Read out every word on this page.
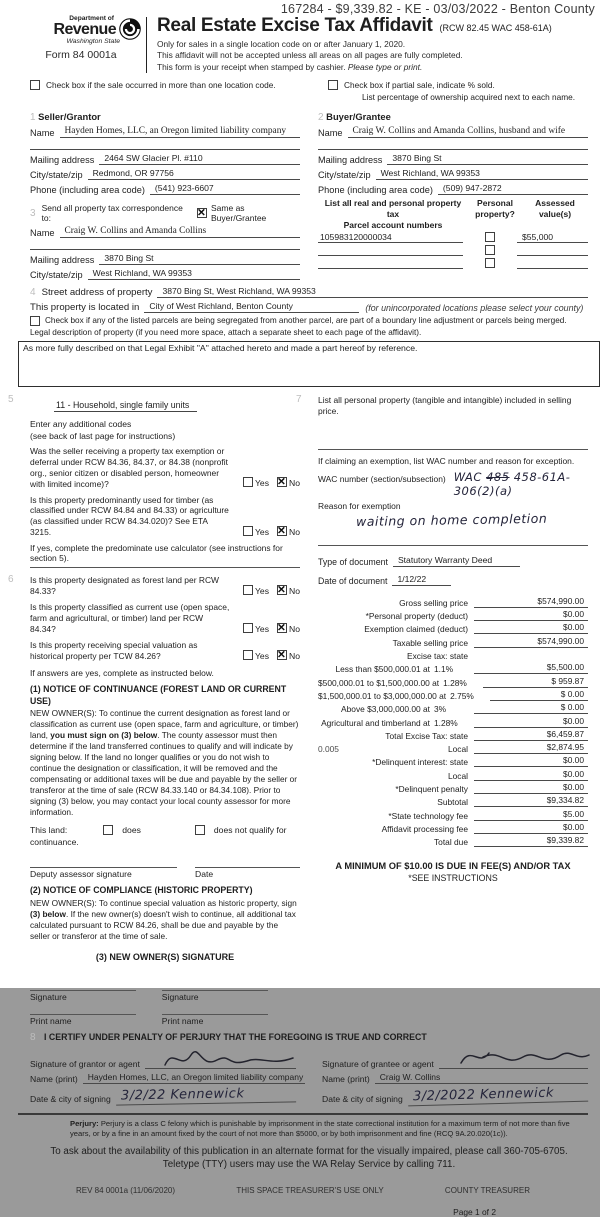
167284 - $9,339.82 - KE - 03/03/2022 - Benton County
Department of
Revenue
Washington State
Form 84 0001a
Real Estate Excise Tax Affidavit (RCW 82.45 WAC 458-61A)
Only for sales in a single location code on or after January 1, 2020.
This affidavit will not be accepted unless all areas on all pages are fully completed.
This form is your receipt when stamped by cashier. Please type or print.
Check box if the sale occurred in more than one location code.	Check box if partial sale, indicate % sold.
List percentage of ownership acquired next to each name.
1 Seller/Grantor
Name	Hayden Homes, LLC, an Oregon limited liability company
Mailing address	2464 SW Glacier Pl. #110
City/state/zip	Redmond, OR 97756
Phone (including area code)	(541) 923-6607
3 Send all property tax correspondence to:
✕
Same as Buyer/Grantee
Name	Craig W. Collins and Amanda Collins
Mailing address	3870 Bing St
City/state/zip	West Richland, WA 99353
2 Buyer/Grantee
Name	Craig W. Collins and Amanda Collins, husband and wife
Mailing address	3870 Bing St
City/state/zip	West Richland, WA 99353
Phone (including area code)	(509) 947-2872
List all real and personal property tax
Parcel account numbers
Personal
property?
Assessed
value(s)
105983120000034	$55,000
4 Street address of property	3870 Bing St, West Richland, WA 99353
This property is located in	City of West Richland, Benton County	(for unincorporated locations please select your county)
Check box if any of the listed parcels are being segregated from another parcel, are part of a boundary line adjustment or parcels being merged.
Legal description of property (if you need more space, attach a separate sheet to each page of the affidavit).
As more fully described on that Legal Exhibit "A" attached hereto and made a part hereof by reference.
5	11 - Household, single family units
Enter any additional codes
(see back of last page for instructions)
Was the seller receiving a property tax exemption or deferral under RCW 84.36, 84.37, or 84.38 (nonprofit org., senior citizen or disabled person, homeowner with limited income)?	Yes ✕ No
Is this property predominantly used for timber (as classified under RCW 84.84 and 84.33) or agriculture (as classified under RCW 84.34.020)? See ETA 3215.	Yes ✕ No
If yes, complete the predominate use calculator (see instructions for section 5).
6 Is this property designated as forest land per RCW 84.33?	Yes ✕ No
Is this property classified as current use (open space, farm and agricultural, or timber) land per RCW 84.34?	Yes ✕ No
Is this property receiving special valuation as historical property per TCW 84.26?	Yes ✕ No
If answers are yes, complete as instructed below.
(1) NOTICE OF CONTINUANCE (FOREST LAND OR CURRENT USE)
NEW OWNER(S): To continue the current designation as forest land or classification as current use (open space, farm and agriculture, or timber) land, you must sign on (3) below. The county assessor must then determine if the land transferred continues to qualify and will indicate by signing below. If the land no longer qualifies or you do not wish to continue the designation or classification, it will be removed and the compensating or additional taxes will be due and payable by the seller or transferor at the time of sale (RCW 84.33.140 or 84.34.108). Prior to signing (3) below, you may contact your local county assessor for more information.
This land:	does	does not qualify for
continuance.
Deputy assessor signature	Date
(2) NOTICE OF COMPLIANCE (HISTORIC PROPERTY)
NEW OWNER(S): To continue special valuation as historic property, sign (3) below. If the new owner(s) doesn't wish to continue, all additional tax calculated pursuant to RCW 84.26, shall be due and payable by the seller or transferor at the time of sale.
(3) NEW OWNER(S) SIGNATURE
Signature
Print name
Signature
Print name
7 List all personal property (tangible and intangible) included in selling price.
If claiming an exemption, list WAC number and reason for exception.
WAC number (section/subsection) WAC 485 458-61A-306(2)(a)
Reason for exemption
waiting on home completion
Type of document	Statutory Warranty Deed
Date of document	1/12/22
Gross selling price	$574,990.00
*Personal property (deduct)	$0.00
Exemption claimed (deduct)	$0.00
Taxable selling price	$574,990.00
Excise tax: state
Less than $500,000.01 at 1.1%	$5,500.00
$500,000.01 to $1,500,000.00 at 1.28%	$ 959.87
$1,500,000.01 to $3,000,000.00 at 2.75%	$ 0.00
Above $3,000,000.00 at 3%	$ 0.00
Agricultural and timberland at 1.28%	$0.00
Total Excise Tax: state	$6,459.87
0.005	Local	$2,874.95
*Delinquent interest: state	$0.00
Local	$0.00
*Delinquent penalty	$0.00
Subtotal	$9,334.82
*State technology fee	$5.00
Affidavit processing fee	$0.00
Total due	$9,339.82
A MINIMUM OF $10.00 IS DUE IN FEE(S) AND/OR TAX
*SEE INSTRUCTIONS
8 I CERTIFY UNDER PENALTY OF PERJURY THAT THE FOREGOING IS TRUE AND CORRECT
Signature of grantor or agent
Name (print)	Hayden Homes, LLC, an Oregon limited liability company
Date & city of signing 3/2/22 Kennewick
Signature of grantee or agent
Name (print)	Craig W. Collins
Date & city of signing 3/2/2022 Kennewick
Perjury: Perjury is a class C felony which is punishable by imprisonment in the state correctional institution for a maximum term of not more than five years, or by a fine in an amount fixed by the court of not more than $5000, or by both imprisonment and fine (RCQ 9A.20.020(1c)).
To ask about the availability of this publication in an alternate format for the visually impaired, please call 360-705-6705.
Teletype (TTY) users may use the WA Relay Service by calling 711.
REV 84 0001a (11/06/2020)	THIS SPACE TREASURER'S USE ONLY	COUNTY TREASURER
Page 1 of 2
